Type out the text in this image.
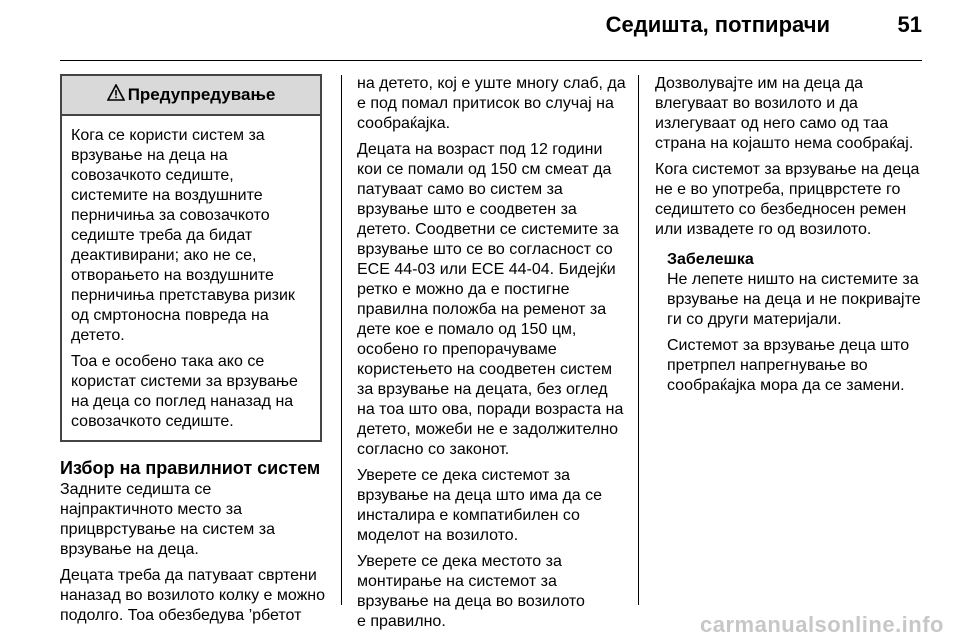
Седишта, потпирачи	51
Предупредување

Кога се користи систем за
врзување на деца на
совозачкото седиште,
системите на воздушните
перничиња за совозачкото
седиште треба да бидат
деактивирани; ако не се,
отворањето на воздушните
перничиња претставува ризик
од смртоносна повреда на
детето.

Тоа е особено така ако се
користат системи за врзување
на деца со поглед наназад на
совозачкото седиште.

Избор на правилниот систем

Задните седишта се
најпрактичното место за
прицврстување на систем за
врзување на деца.

Децата треба да патуваат свртени
наназад во возилото колку е можно
подолго. Тоа обезбедува ’рбетот

на детето, кој е уште многу слаб, да
е под помал притисок во случај на
сообраќајка.

Децата на возраст под 12 години
кои се помали од 150 см смеат да
патуваат само во систем за
врзување што е соодветен за
детето. Соодветни се системите за
врзување што се во согласност со
ECE 44-03 или ECE 44-04. Бидејќи
ретко е можно да е постигне
правилна положба на ременот за
дете кое е помало од 150 цм,
особено го препорачуваме
користењето на соодветен систем
за врзување на децата, без оглед
на тоа што ова, поради возраста на
детето, можеби не е задолжително
согласно со законот.

Уверете се дека системот за
врзување на деца што има да се
инсталира е компатибилен со
моделот на возилото.

Уверете се дека местото за
монтирање на системот за
врзување на деца во возилото
е правилно.

Дозволувајте им на деца да
влегуваат во возилото и да
излегуваат од него само од таа
страна на којашто нема сообраќај.

Кога системот за врзување на деца
не е во употреба, прицврстете го
седиштето со безбедносен ремен
или извадете го од возилото.

Забелешка

Не лепете ништо на системите за
врзување на деца и не покривајте
ги со други материјали.

Системот за врзување деца што
претрпел напрегнување во
сообраќајка мора да се замени.

carmanualsonline.info
